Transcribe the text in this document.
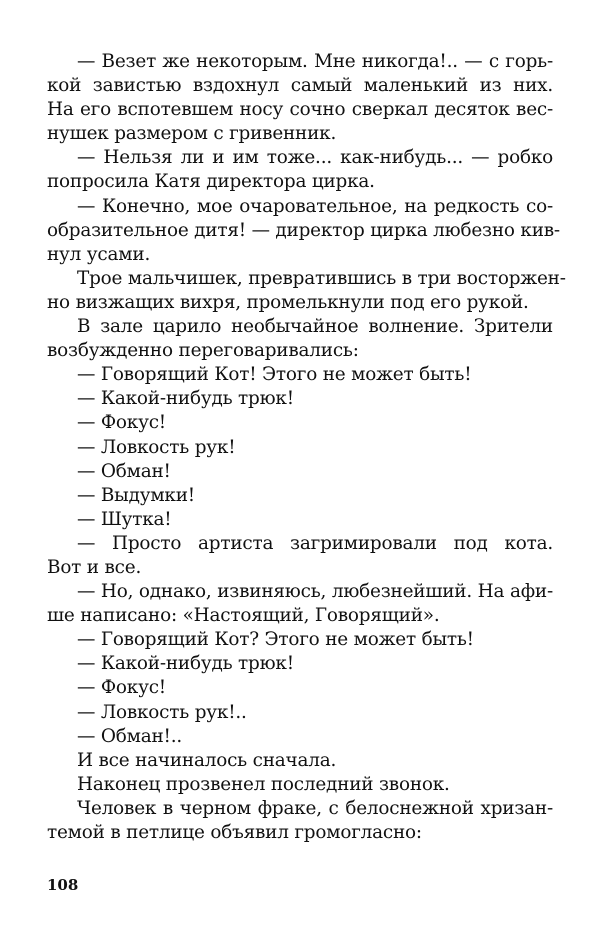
— Везет же некоторым. Мне никогда!.. — с горь-
кой завистью вздохнул самый маленький из них.
На его вспотевшем носу сочно сверкал десяток вес-
нушек размером с гривенник.
— Нельзя ли и им тоже... как-нибудь... — робко
попросила Катя директора цирка.
— Конечно, мое очаровательное, на редкость со-
образительное дитя! — директор цирка любезно кив-
нул усами.
Трое мальчишек, превратившись в три восторжен-
но визжащих вихря, промелькнули под его рукой.
В зале царило необычайное волнение. Зрители
возбужденно переговаривались:
— Говорящий Кот! Этого не может быть!
— Какой-нибудь трюк!
— Фокус!
— Ловкость рук!
— Обман!
— Выдумки!
— Шутка!
— Просто артиста загримировали под кота.
Вот и все.
— Но, однако, извиняюсь, любезнейший. На афи-
ше написано: «Настоящий, Говорящий».
— Говорящий Кот? Этого не может быть!
— Какой-нибудь трюк!
— Фокус!
— Ловкость рук!..
— Обман!..
И все начиналось сначала.
Наконец прозвенел последний звонок.
Человек в черном фраке, с белоснежной хризан-
темой в петлице объявил громогласно:
108
